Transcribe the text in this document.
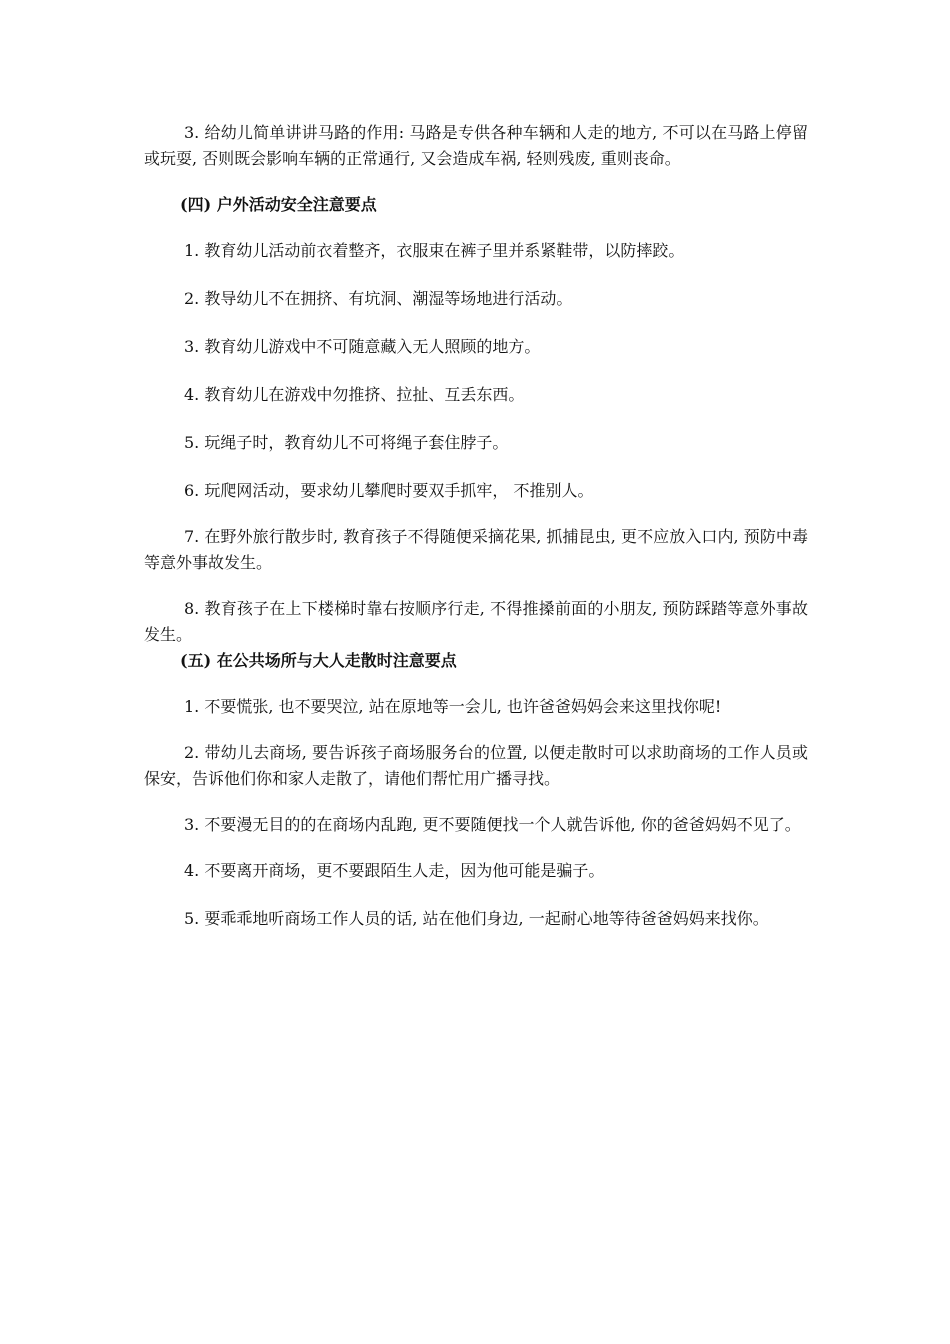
3. 给幼儿简单讲讲马路的作用: 马路是专供各种车辆和人走的地方, 不可以在马路上停留或玩耍, 否则既会影响车辆的正常通行, 又会造成车祸, 轻则残废, 重则丧命。

(四) 户外活动安全注意要点

1. 教育幼儿活动前衣着整齐，衣服束在裤子里并系紧鞋带，以防摔跤。

2. 教导幼儿不在拥挤、有坑洞、潮湿等场地进行活动。

3. 教育幼儿游戏中不可随意藏入无人照顾的地方。

4. 教育幼儿在游戏中勿推挤、拉扯、互丢东西。

5. 玩绳子时，教育幼儿不可将绳子套住脖子。

6. 玩爬网活动，要求幼儿攀爬时要双手抓牢， 不推别人。

7. 在野外旅行散步时, 教育孩子不得随便采摘花果, 抓捕昆虫, 更不应放入口内, 预防中毒等意外事故发生。

8. 教育孩子在上下楼梯时靠右按顺序行走, 不得推搡前面的小朋友, 预防踩踏等意外事故发生。

(五) 在公共场所与大人走散时注意要点

1. 不要慌张, 也不要哭泣, 站在原地等一会儿, 也许爸爸妈妈会来这里找你呢!

2. 带幼儿去商场, 要告诉孩子商场服务台的位置, 以便走散时可以求助商场的工作人员或保安，告诉他们你和家人走散了，请他们帮忙用广播寻找。

3. 不要漫无目的的在商场内乱跑, 更不要随便找一个人就告诉他, 你的爸爸妈妈不见了。

4. 不要离开商场，更不要跟陌生人走，因为他可能是骗子。

5. 要乖乖地听商场工作人员的话, 站在他们身边, 一起耐心地等待爸爸妈妈来找你。
